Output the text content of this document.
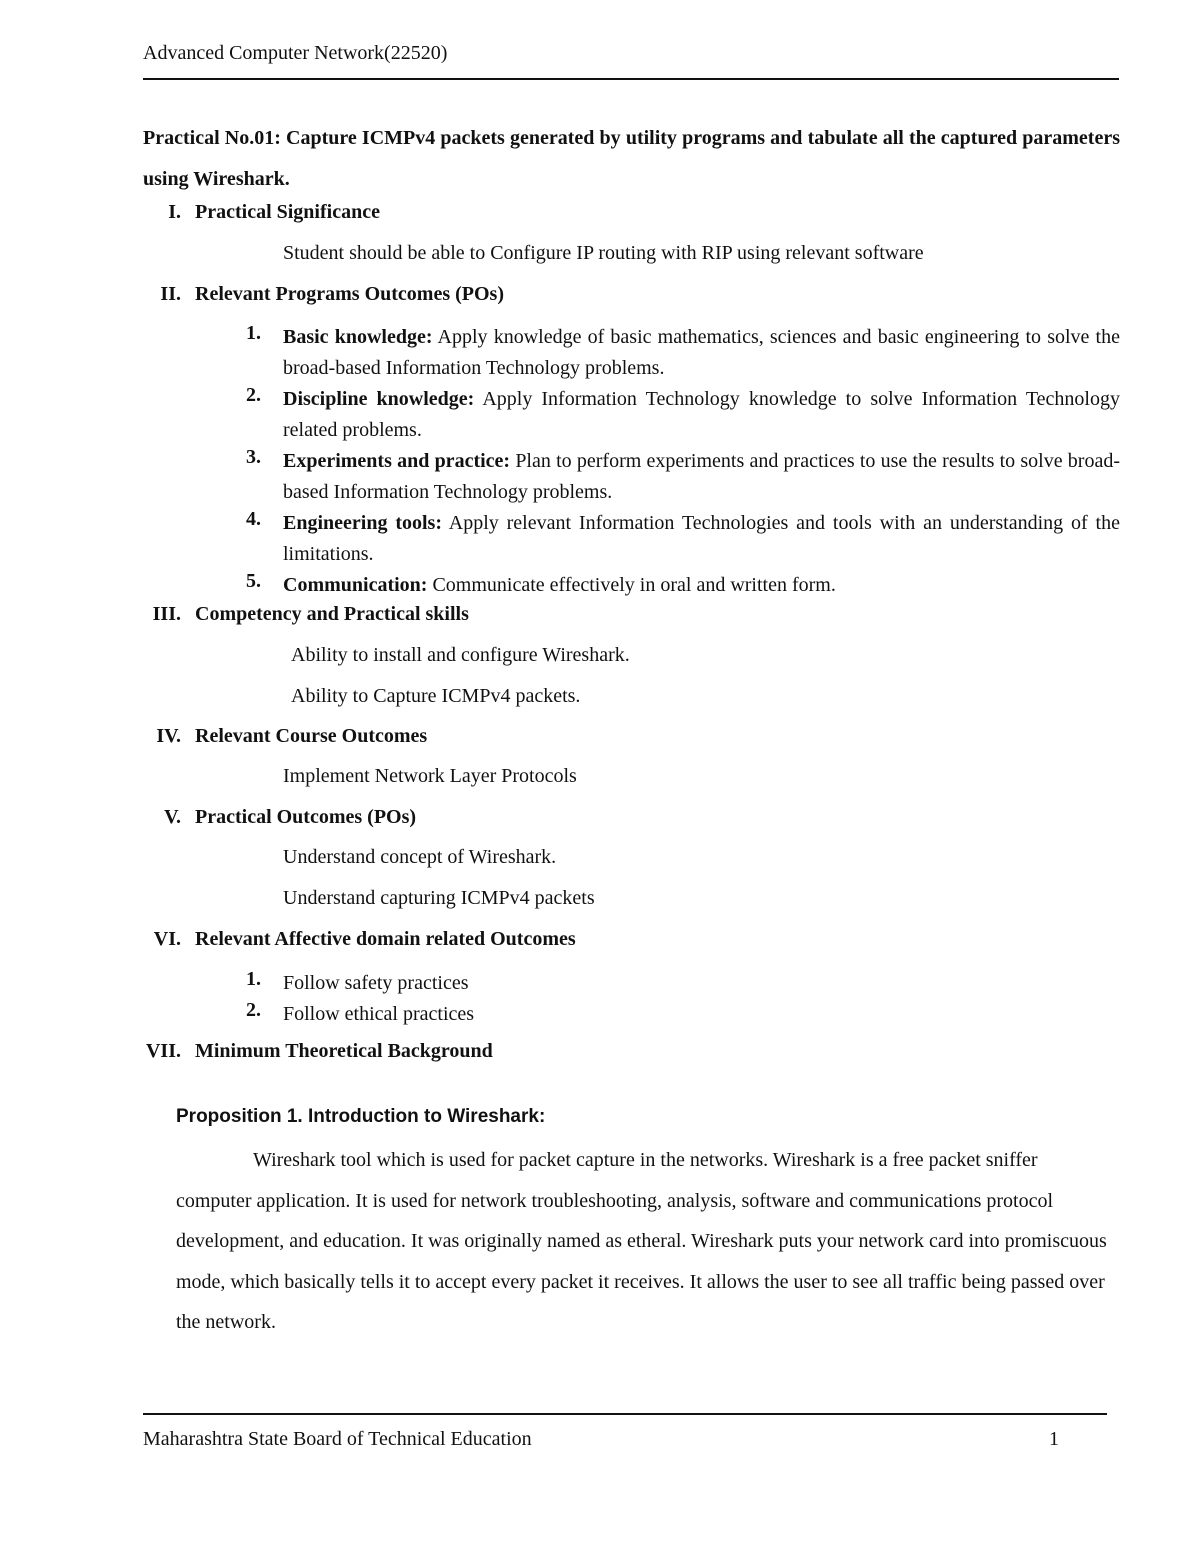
Advanced Computer Network(22520)
Practical No.01: Capture ICMPv4 packets generated by utility programs and tabulate all the captured parameters using Wireshark.
I. Practical Significance
Student should be able to Configure IP routing with RIP using relevant software
II. Relevant Programs Outcomes (POs)
1. Basic knowledge: Apply knowledge of basic mathematics, sciences and basic engineering to solve the broad-based Information Technology problems.
2. Discipline knowledge: Apply Information Technology knowledge to solve Information Technology related problems.
3. Experiments and practice: Plan to perform experiments and practices to use the results to solve broad-based Information Technology problems.
4. Engineering tools: Apply relevant Information Technologies and tools with an understanding of the limitations.
5. Communication: Communicate effectively in oral and written form.
III. Competency and Practical skills
Ability to install and configure Wireshark.
Ability to Capture ICMPv4 packets.
IV. Relevant Course Outcomes
Implement Network Layer Protocols
V. Practical Outcomes (POs)
Understand concept of Wireshark.
Understand capturing ICMPv4 packets
VI. Relevant Affective domain related Outcomes
1. Follow safety practices
2. Follow ethical practices
VII. Minimum Theoretical Background
Proposition 1. Introduction to Wireshark:
Wireshark tool which is used for packet capture in the networks. Wireshark is a free packet sniffer computer application. It is used for network troubleshooting, analysis, software and communications protocol development, and education. It was originally named as etheral. Wireshark puts your network card into promiscuous mode, which basically tells it to accept every packet it receives. It allows the user to see all traffic being passed over the network.
Maharashtra State Board of Technical Education	1
